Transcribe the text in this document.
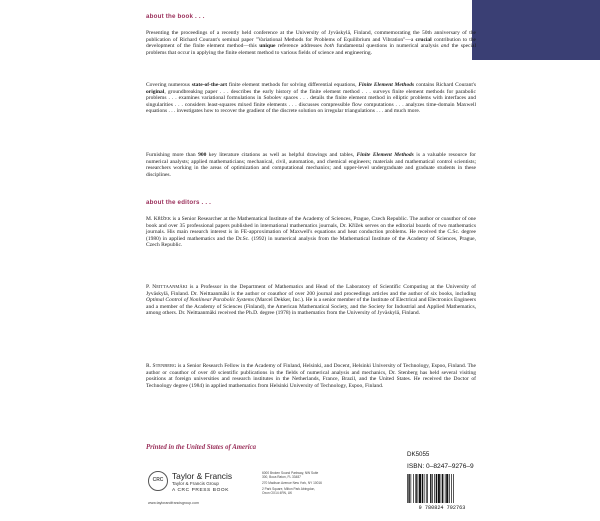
about the book . . .

Presenting the proceedings of a recently held conference at the University of Jyväskylä, Finland, commemorating the 50th anniversary of the publication of Richard Courant's seminal paper "Variational Methods for Problems of Equilibrium and Vibration"—a crucial contribution to the development of the finite element method—this unique reference addresses both fundamental questions in numerical analysis and the special problems that occur in applying the finite element method to various fields of science and engineering.

Covering numerous state-of-the-art finite element methods for solving differential equations, Finite Element Methods contains Richard Courant's original, groundbreaking paper . . . describes the early history of the finite element method . . . surveys finite element methods for parabolic problems . . . examines variational formulations in Sobolev spaces . . . details the finite element method in elliptic problems with interfaces and singularities . . . considers least-squares mixed finite elements . . . discusses compressible flow computations . . . analyzes time-domain Maxwell equations . . . investigates how to recover the gradient of the discrete solution on irregular triangulations . . . and much more.

Furnishing more than 900 key literature citations as well as helpful drawings and tables, Finite Element Methods is a valuable resource for numerical analysts; applied mathematicians; mechanical, civil, automation, and chemical engineers; materials and mathematical control scientists; researchers working in the areas of optimization and computational mechanics; and upper-level undergraduate and graduate students in these disciplines.

about the editors . . .

M. KŘÍŽEK is a Senior Researcher at the Mathematical Institute of the Academy of Sciences, Prague, Czech Republic. The author or coauthor of one book and over 35 professional papers published in international mathematics journals, Dr. Křížek serves on the editorial boards of two mathematics journals. His main research interest is in FE-approximation of Maxwell's equations and heat conduction problems. He received the C.Sc. degree (1980) in applied mathematics and the Dr.Sc. (1992) in numerical analysis from the Mathematical Institute of the Academy of Sciences, Prague, Czech Republic.

P. NEITTAANMÄKI is a Professor in the Department of Mathematics and Head of the Laboratory of Scientific Computing at the University of Jyväskylä, Finland. Dr. Neittaanmäki is the author or coauthor of over 200 journal and proceedings articles and the author of six books, including Optimal Control of Nonlinear Parabolic Systems (Marcel Dekker, Inc.). He is a senior member of the Institute of Electrical and Electronics Engineers and a member of the Academy of Sciences (Finland), the American Mathematical Society, and the Society for Industrial and Applied Mathematics, among others. Dr. Neittaanmäki received the Ph.D. degree (1978) in mathematics from the University of Jyväskylä, Finland.

R. STENBERG is a Senior Research Fellow in the Academy of Finland, Helsinki, and Docent, Helsinki University of Technology, Espoo, Finland. The author or coauthor of over 40 scientific publications in the fields of numerical analysis and mechanics, Dr. Stenberg has held several visiting positions at foreign universities and research institutes in the Netherlands, France, Brazil, and the United States. He received the Doctor of Technology degree (1984) in applied mathematics from Helsinki University of Technology, Espoo, Finland.

Printed in the United States of America
DK5055
ISBN: 0–8247–9276–9
CRC	Taylor & Francis
Taylor & Francis Group
A CRC PRESS BOOK
www.taylorandfrancisgroup.com
6000 Broken Sound Parkway, NW Suite 300, Boca Raton, FL 33487
270 Madison Avenue New York, NY 10016
2 Park Square, Milton Park Abingdon, Oxon OX14 4RN, UK
9 780824 792763
